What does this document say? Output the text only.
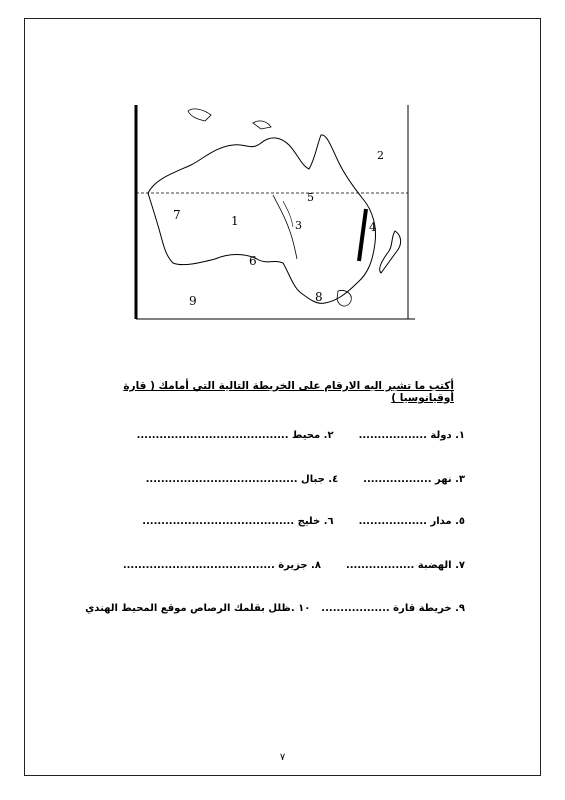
2
5
7	1	3	4
6
8
9
أكتب ما تشير اليه الارقام على الخريطة التالية التي أمامك ( قارة أوقيانوسيا )
١. دولة ..................  ٢. محيط ........................................
٣. نهر ..................  ٤. جبال ........................................
٥. مدار ..................  ٦. خليج ........................................
٧. الهضبة ..................  ٨. جزيرة ........................................
٩. خريطة قارة ..................  ١٠ .ظلل بقلمك الرصاص موقع المحيط الهندي
٧
